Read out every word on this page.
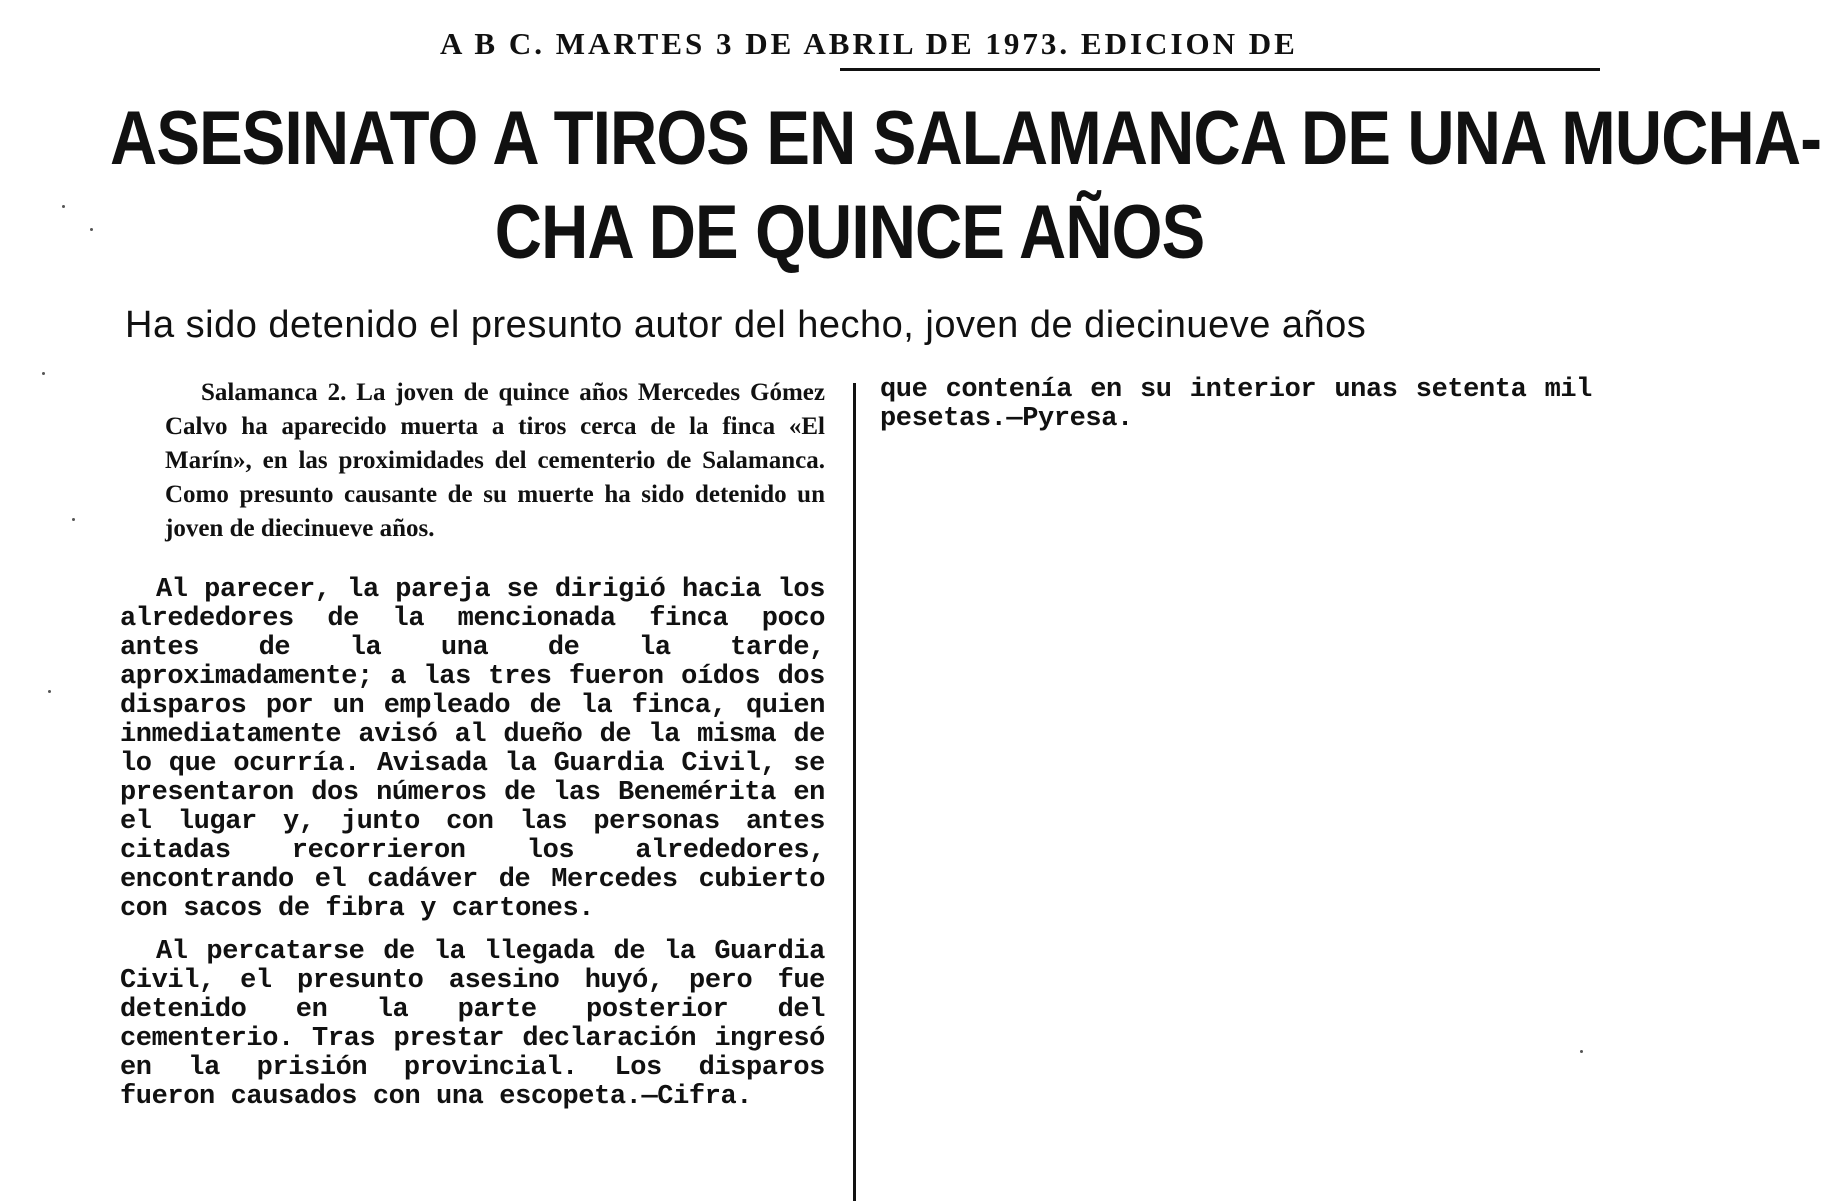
A B C. MARTES 3 DE ABRIL DE 1973. EDICION DE
ASESINATO A TIROS EN SALAMANCA DE UNA MUCHA-
CHA DE QUINCE AÑOS
Ha sido detenido el presunto autor del hecho, joven de diecinueve años

Salamanca 2. La joven de quince años Mercedes Gómez Calvo ha aparecido muerta a tiros cerca de la finca «El Marín», en las proximidades del cementerio de Salamanca. Como presunto causante de su muerte ha sido detenido un joven de diecinueve años.

Al parecer, la pareja se dirigió hacia los alrededores de la mencionada finca poco antes de la una de la tarde, aproximadamente; a las tres fueron oídos dos disparos por un empleado de la finca, quien inmediatamente avisó al dueño de la misma de lo que ocurría. Avisada la Guardia Civil, se presentaron dos números de las Benemérita en el lugar y, junto con las personas antes citadas recorrieron los alrededores, encontrando el cadáver de Mercedes cubierto con sacos de fibra y cartones.

Al percatarse de la llegada de la Guardia Civil, el presunto asesino huyó, pero fue detenido en la parte posterior del cementerio. Tras prestar declaración ingresó en la prisión provincial. Los disparos fueron causados con una escopeta.—Cifra.

que contenía en su interior unas setenta mil pesetas.—Pyresa.
